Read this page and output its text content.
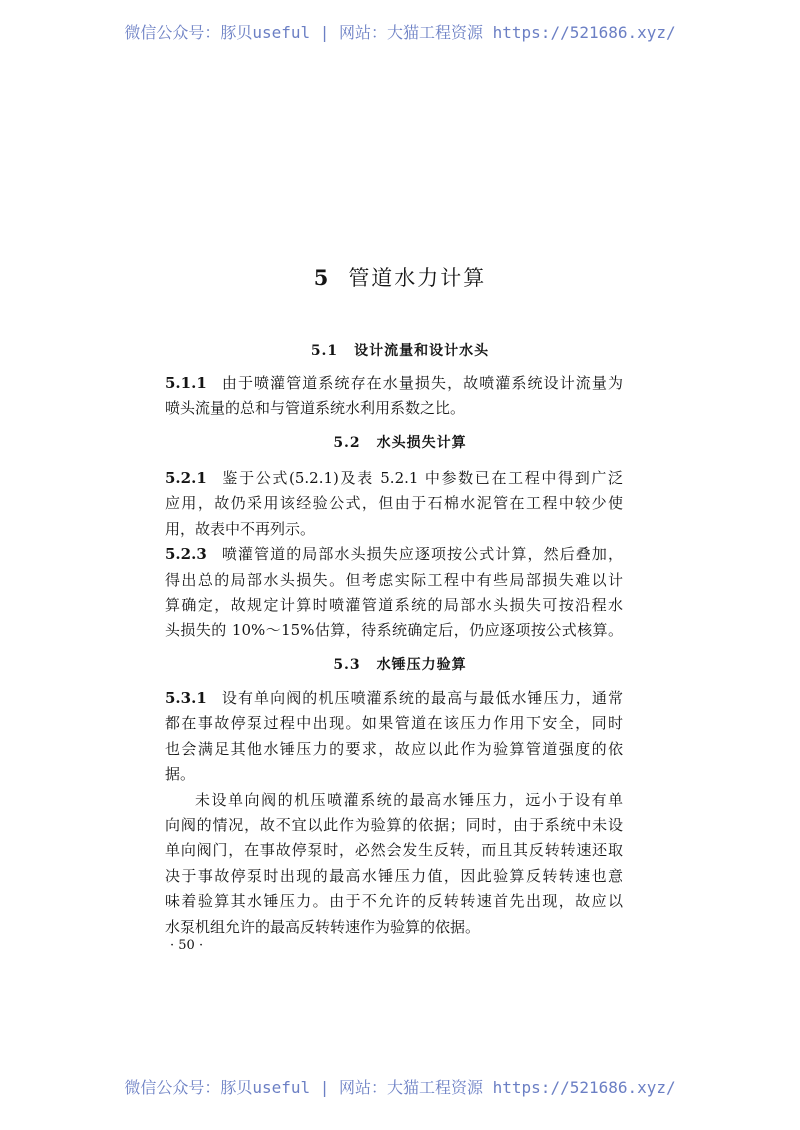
微信公众号：豚贝useful | 网站：大猫工程资源 https://521686.xyz/
5 管道水力计算
5.1 设计流量和设计水头
5.1.1 由于喷灌管道系统存在水量损失，故喷灌系统设计流量为
喷头流量的总和与管道系统水利用系数之比。
5.2 水头损失计算
5.2.1 鉴于公式(5.2.1)及表 5.2.1 中参数已在工程中得到广泛
应用，故仍采用该经验公式，但由于石棉水泥管在工程中较少使
用，故表中不再列示。
5.2.3 喷灌管道的局部水头损失应逐项按公式计算，然后叠加，
得出总的局部水头损失。但考虑实际工程中有些局部损失难以计
算确定，故规定计算时喷灌管道系统的局部水头损失可按沿程水
头损失的 10%～15%估算，待系统确定后，仍应逐项按公式核算。
5.3 水锤压力验算
5.3.1 设有单向阀的机压喷灌系统的最高与最低水锤压力，通常
都在事故停泵过程中出现。如果管道在该压力作用下安全，同时
也会满足其他水锤压力的要求，故应以此作为验算管道强度的依
据。
未设单向阀的机压喷灌系统的最高水锤压力，远小于设有单
向阀的情况，故不宜以此作为验算的依据；同时，由于系统中未设
单向阀门，在事故停泵时，必然会发生反转，而且其反转转速还取
决于事故停泵时出现的最高水锤压力值，因此验算反转转速也意
味着验算其水锤压力。由于不允许的反转转速首先出现，故应以
水泵机组允许的最高反转转速作为验算的依据。
· 50 ·
微信公众号：豚贝useful | 网站：大猫工程资源 https://521686.xyz/
